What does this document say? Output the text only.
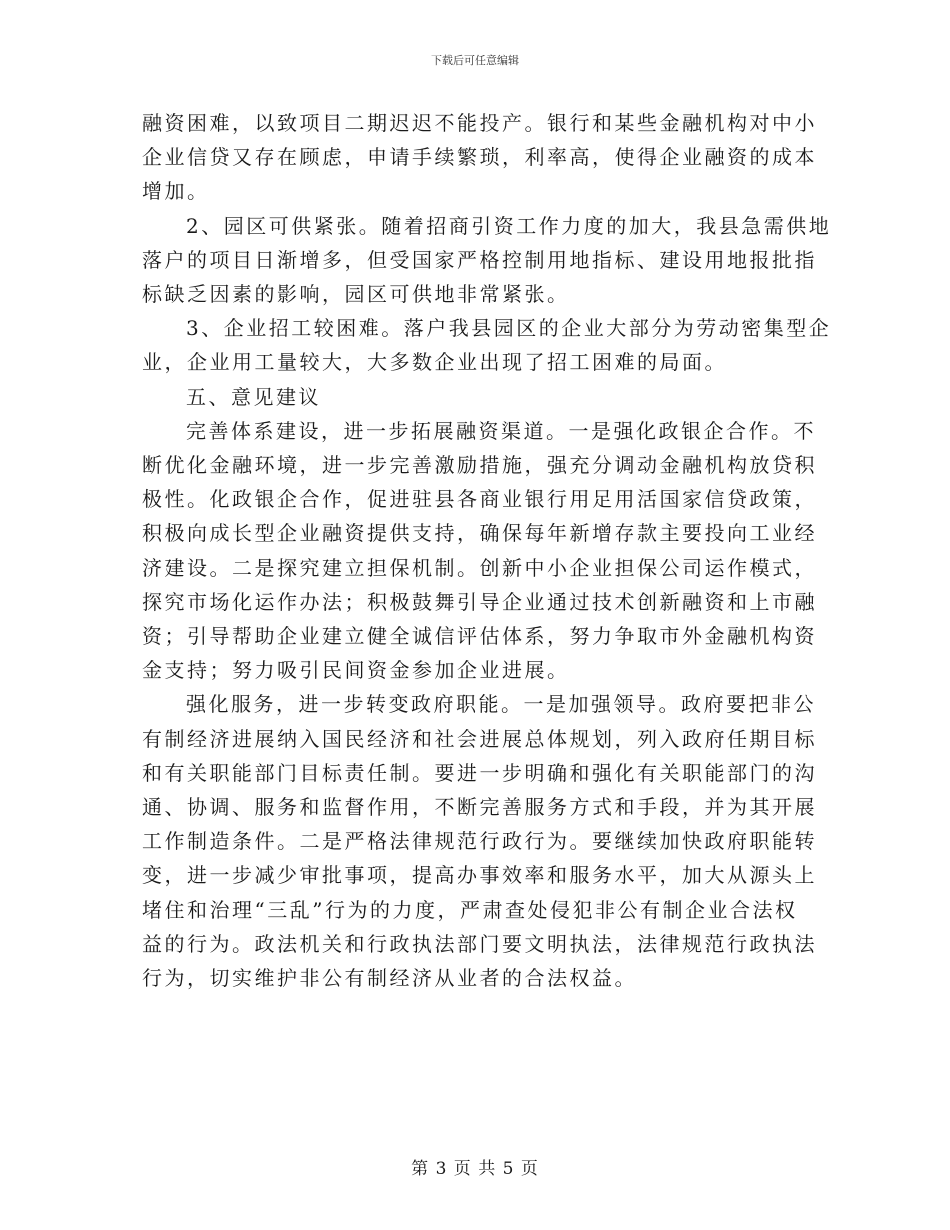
下载后可任意编辑

融资困难，以致项目二期迟迟不能投产。银行和某些金融机构对中小
企业信贷又存在顾虑，申请手续繁琐，利率高，使得企业融资的成本
增加。

2、园区可供紧张。随着招商引资工作力度的加大，我县急需供地
落户的项目日渐增多，但受国家严格控制用地指标、建设用地报批指
标缺乏因素的影响，园区可供地非常紧张。

3、企业招工较困难。落户我县园区的企业大部分为劳动密集型企
业，企业用工量较大，大多数企业出现了招工困难的局面。

五、意见建议

完善体系建设，进一步拓展融资渠道。一是强化政银企合作。不
断优化金融环境，进一步完善激励措施，强充分调动金融机构放贷积
极性。化政银企合作，促进驻县各商业银行用足用活国家信贷政策，
积极向成长型企业融资提供支持，确保每年新增存款主要投向工业经
济建设。二是探究建立担保机制。创新中小企业担保公司运作模式，
探究市场化运作办法；积极鼓舞引导企业通过技术创新融资和上市融
资；引导帮助企业建立健全诚信评估体系，努力争取市外金融机构资
金支持；努力吸引民间资金参加企业进展。

强化服务，进一步转变政府职能。一是加强领导。政府要把非公
有制经济进展纳入国民经济和社会进展总体规划，列入政府任期目标
和有关职能部门目标责任制。要进一步明确和强化有关职能部门的沟
通、协调、服务和监督作用，不断完善服务方式和手段，并为其开展
工作制造条件。二是严格法律规范行政行为。要继续加快政府职能转
变，进一步减少审批事项，提高办事效率和服务水平，加大从源头上
堵住和治理“三乱”行为的力度，严肃查处侵犯非公有制企业合法权
益的行为。政法机关和行政执法部门要文明执法，法律规范行政执法
行为，切实维护非公有制经济从业者的合法权益。

第 3 页 共 5 页
